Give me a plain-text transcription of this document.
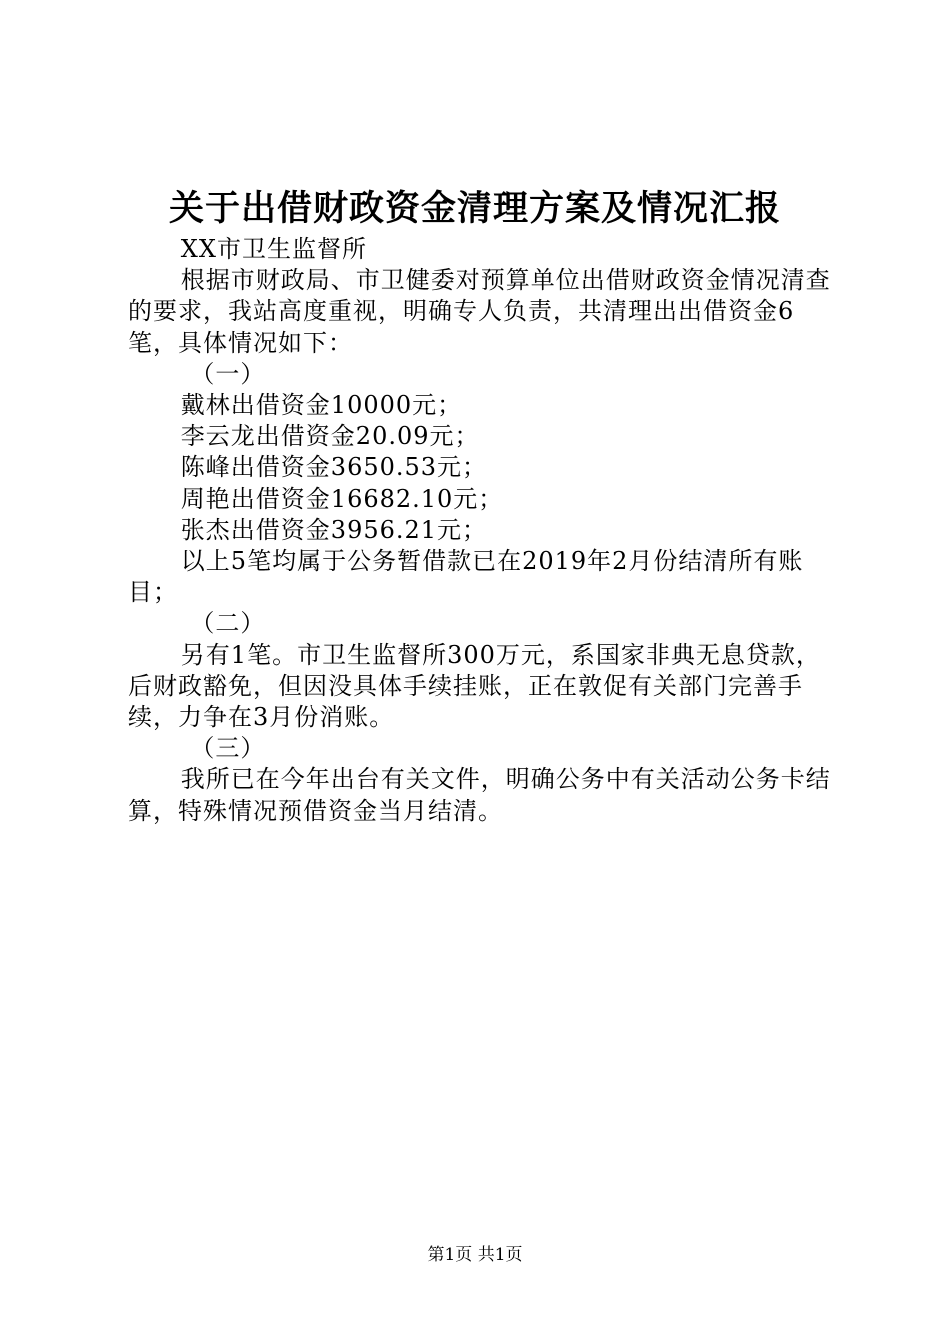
关于出借财政资金清理方案及情况汇报

XX市卫生监督所

根据市财政局、市卫健委对预算单位出借财政资金情况清查的要求，我站高度重视，明确专人负责，共清理出出借资金6笔，具体情况如下：

（一）

戴林出借资金10000元；

李云龙出借资金20.09元；

陈峰出借资金3650.53元；

周艳出借资金16682.10元；

张杰出借资金3956.21元；

以上5笔均属于公务暂借款已在2019年2月份结清所有账目；

（二）

另有1笔。市卫生监督所300万元，系国家非典无息贷款，后财政豁免，但因没具体手续挂账，正在敦促有关部门完善手续，力争在3月份消账。

（三）

我所已在今年出台有关文件，明确公务中有关活动公务卡结算，特殊情况预借资金当月结清。

第1页 共1页
